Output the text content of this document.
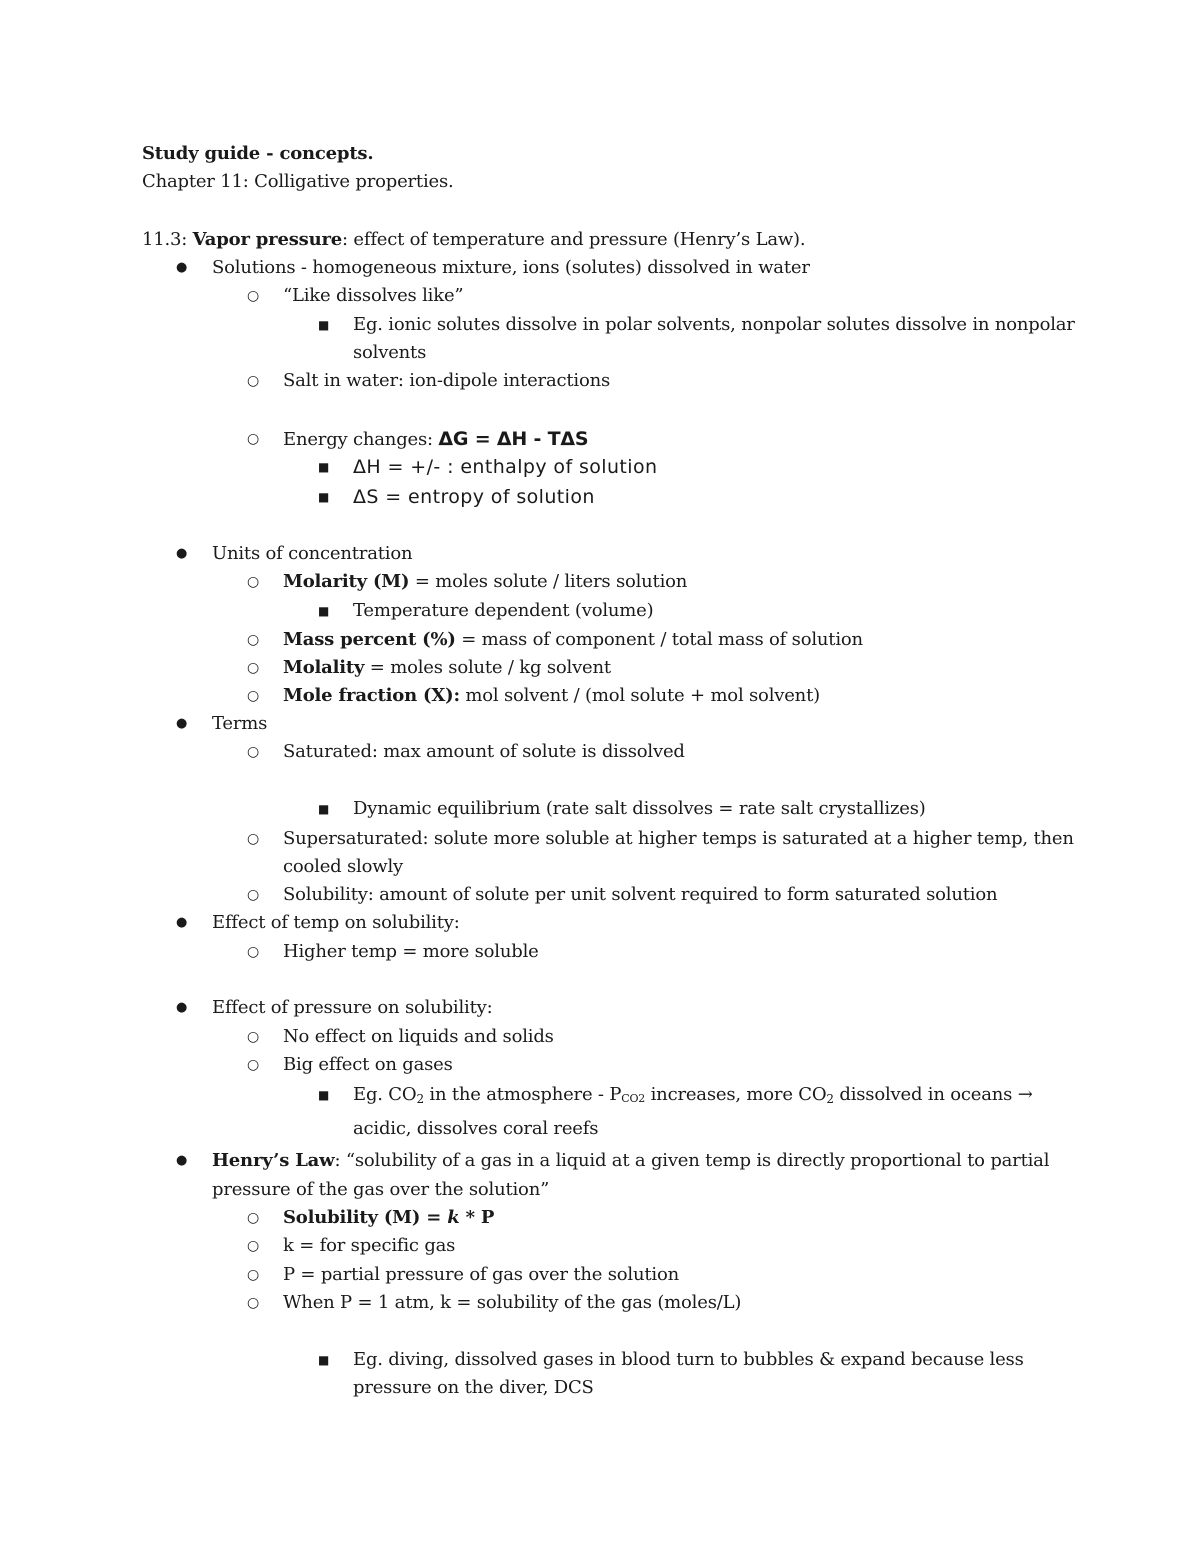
Study guide - concepts.
Chapter 11: Colligative properties.
11.3: Vapor pressure: effect of temperature and pressure (Henry’s Law).
● Solutions - homogeneous mixture, ions (solutes) dissolved in water
○ “Like dissolves like”
■ Eg. ionic solutes dissolve in polar solvents, nonpolar solutes dissolve in nonpolar
solvents
○ Salt in water: ion-dipole interactions
○ Energy changes: ΔG = ΔH - TΔS
■ ΔH = +/- : enthalpy of solution
■ ΔS = entropy of solution
● Units of concentration
○ Molarity (M) = moles solute / liters solution
■ Temperature dependent (volume)
○ Mass percent (%) = mass of component / total mass of solution
○ Molality = moles solute / kg solvent
○ Mole fraction (X): mol solvent / (mol solute + mol solvent)
● Terms
○ Saturated: max amount of solute is dissolved
■ Dynamic equilibrium (rate salt dissolves = rate salt crystallizes)
○ Supersaturated: solute more soluble at higher temps is saturated at a higher temp, then
cooled slowly
○ Solubility: amount of solute per unit solvent required to form saturated solution
● Effect of temp on solubility:
○ Higher temp = more soluble
● Effect of pressure on solubility:
○ No effect on liquids and solids
○ Big effect on gases
■ Eg. $CO_2$ in the atmosphere - PCO2 increases, more $CO_2$ dissolved in oceans →
acidic, dissolves coral reefs
● Henry’s Law: “solubility of a gas in a liquid at a given temp is directly proportional to partial
pressure of the gas over the solution”
○ Solubility (M) = k * P
○ k = for specific gas
○ P = partial pressure of gas over the solution
○ When P = 1 atm, k = solubility of the gas (moles/L)
■ Eg. diving, dissolved gases in blood turn to bubbles & expand because less
pressure on the diver, DCS
